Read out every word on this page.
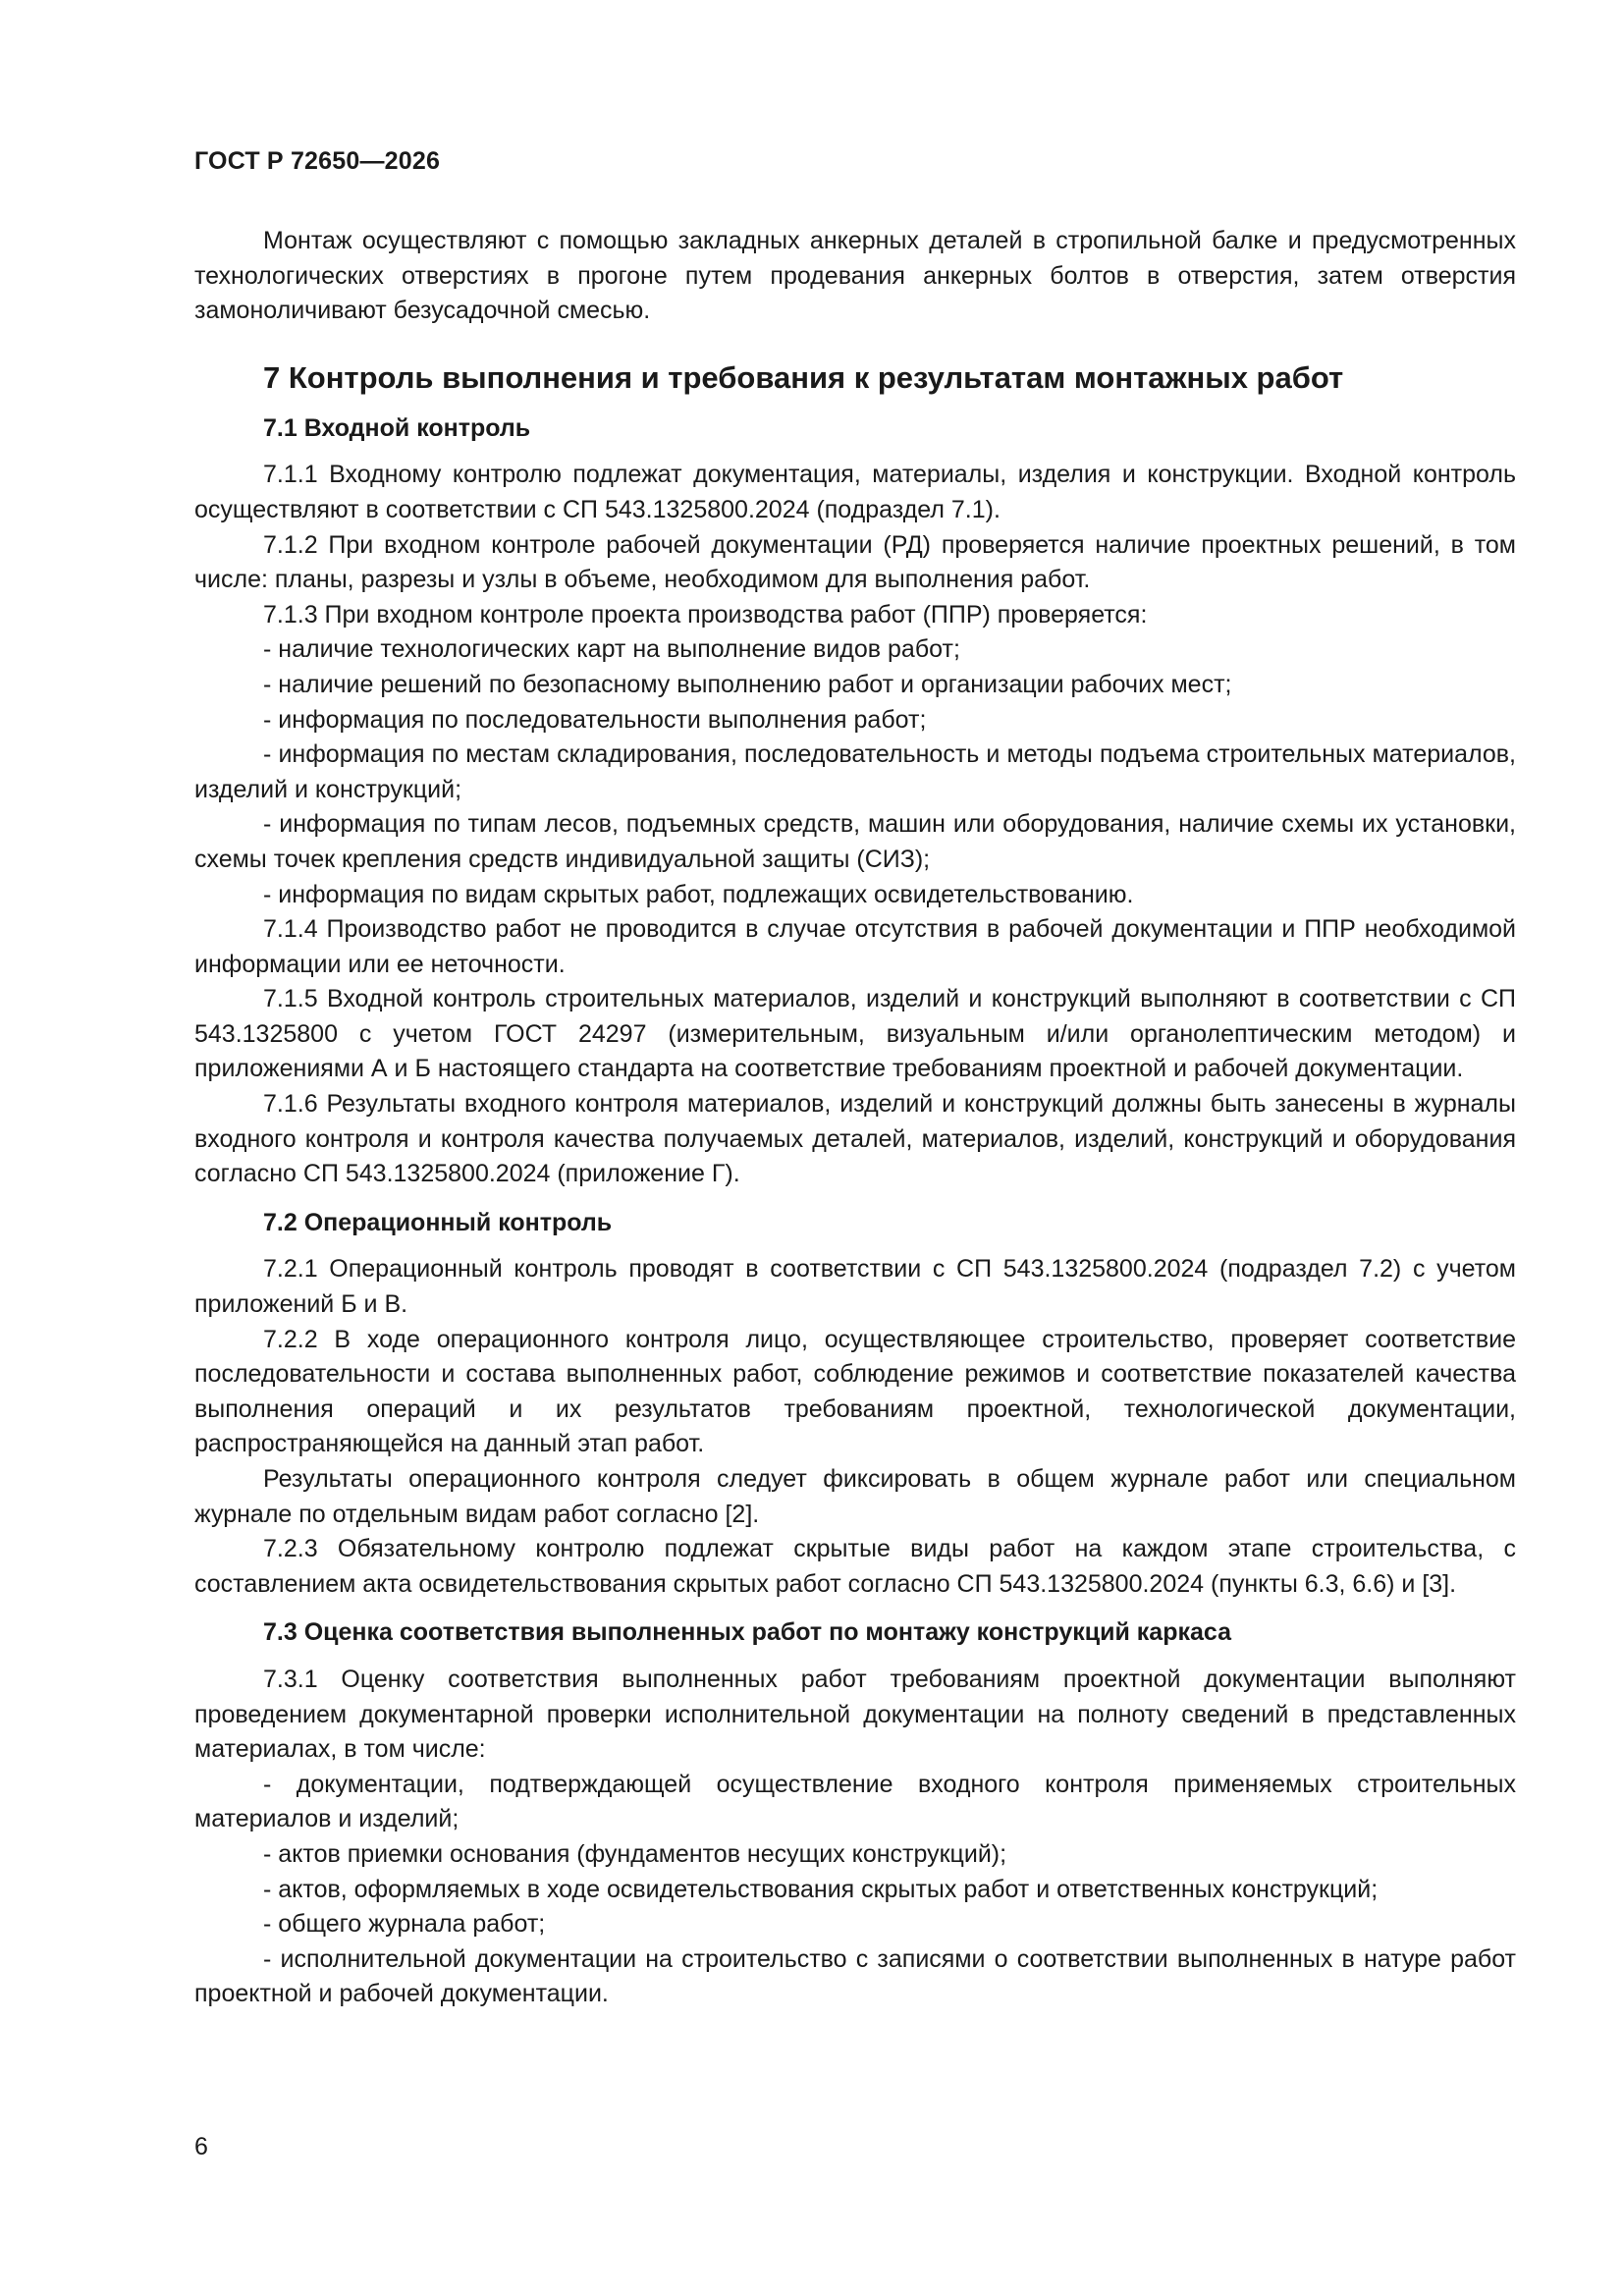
ГОСТ Р 72650—2026

Монтаж осуществляют с помощью закладных анкерных деталей в стропильной балке и предусмотренных технологических отверстиях в прогоне путем продевания анкерных болтов в отверстия, затем отверстия замоноличивают безусадочной смесью.

7 Контроль выполнения и требования к результатам монтажных работ
7.1 Входной контроль

7.1.1 Входному контролю подлежат документация, материалы, изделия и конструкции. Входной контроль осуществляют в соответствии с СП 543.1325800.2024 (подраздел 7.1).

7.1.2 При входном контроле рабочей документации (РД) проверяется наличие проектных решений, в том числе: планы, разрезы и узлы в объеме, необходимом для выполнения работ.

7.1.3 При входном контроле проекта производства работ (ППР) проверяется:

- наличие технологических карт на выполнение видов работ;

- наличие решений по безопасному выполнению работ и организации рабочих мест;

- информация по последовательности выполнения работ;

- информация по местам складирования, последовательность и методы подъема строительных материалов, изделий и конструкций;

- информация по типам лесов, подъемных средств, машин или оборудования, наличие схемы их установки, схемы точек крепления средств индивидуальной защиты (СИЗ);

- информация по видам скрытых работ, подлежащих освидетельствованию.

7.1.4 Производство работ не проводится в случае отсутствия в рабочей документации и ППР необходимой информации или ее неточности.

7.1.5 Входной контроль строительных материалов, изделий и конструкций выполняют в соответствии с СП 543.1325800 с учетом ГОСТ 24297 (измерительным, визуальным и/или органолептическим методом) и приложениями А и Б настоящего стандарта на соответствие требованиям проектной и рабочей документации.

7.1.6 Результаты входного контроля материалов, изделий и конструкций должны быть занесены в журналы входного контроля и контроля качества получаемых деталей, материалов, изделий, конструкций и оборудования согласно СП 543.1325800.2024 (приложение Г).

7.2 Операционный контроль

7.2.1 Операционный контроль проводят в соответствии с СП 543.1325800.2024 (подраздел 7.2) с учетом приложений Б и В.

7.2.2 В ходе операционного контроля лицо, осуществляющее строительство, проверяет соответствие последовательности и состава выполненных работ, соблюдение режимов и соответствие показателей качества выполнения операций и их результатов требованиям проектной, технологической документации, распространяющейся на данный этап работ.

Результаты операционного контроля следует фиксировать в общем журнале работ или специальном журнале по отдельным видам работ согласно [2].

7.2.3 Обязательному контролю подлежат скрытые виды работ на каждом этапе строительства, с составлением акта освидетельствования скрытых работ согласно СП 543.1325800.2024 (пункты 6.3, 6.6) и [3].

7.3 Оценка соответствия выполненных работ по монтажу конструкций каркаса

7.3.1 Оценку соответствия выполненных работ требованиям проектной документации выполняют проведением документарной проверки исполнительной документации на полноту сведений в представленных материалах, в том числе:

- документации, подтверждающей осуществление входного контроля применяемых строительных материалов и изделий;

- актов приемки основания (фундаментов несущих конструкций);

- актов, оформляемых в ходе освидетельствования скрытых работ и ответственных конструкций;

- общего журнала работ;

- исполнительной документации на строительство с записями о соответствии выполненных в натуре работ проектной и рабочей документации.

6
